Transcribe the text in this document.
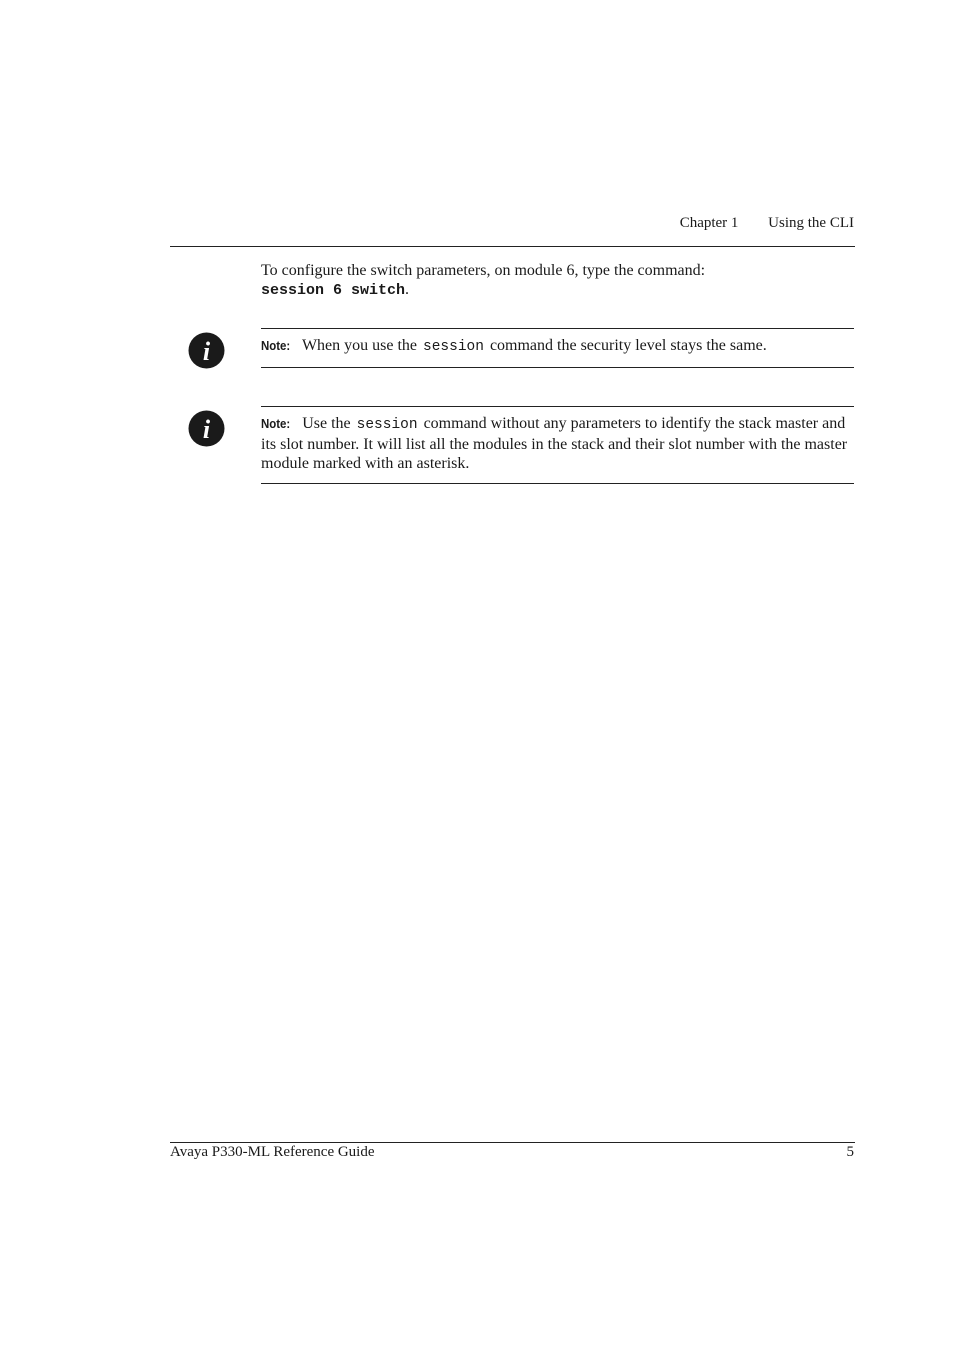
Chapter 1 Using the CLI
To configure the switch parameters, on module 6, type the command:
session 6 switch.
i	Note: When you use the session command the security level stays the same.
i	Note: Use the session command without any parameters to identify the stack master and its slot number. It will list all the modules in the stack and their slot number with the master module marked with an asterisk.
Avaya P330-ML Reference Guide	5
